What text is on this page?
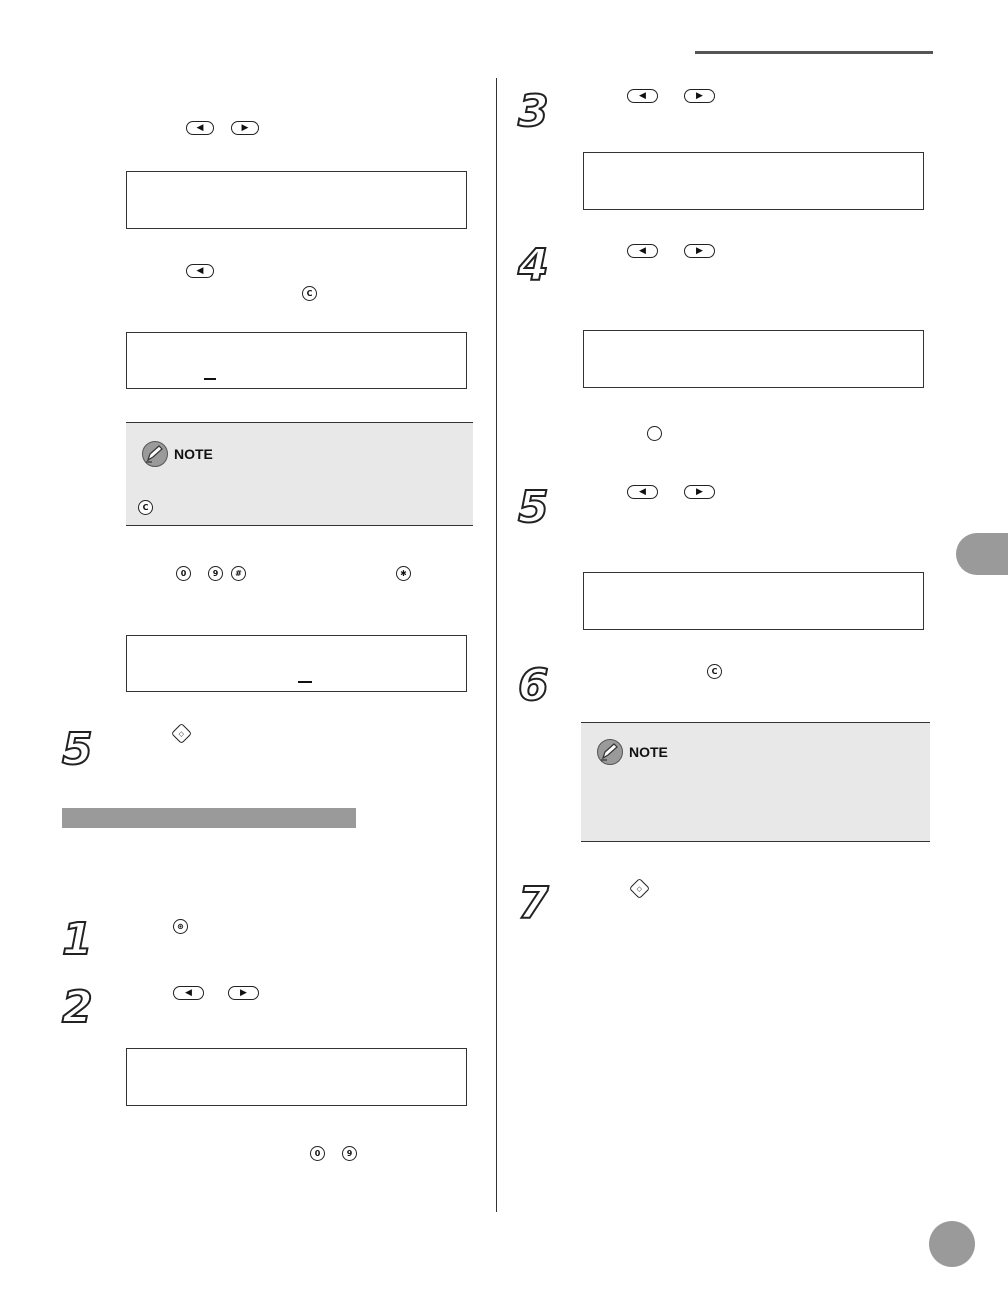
◀	▶
◀
C
NOTE
C
0	9 #	✱
5	◇
1	⊛
2	◀	▶
0	9
3	◀	▶
4	◀	▶
5	◀	▶
6	C
NOTE
7	◇
